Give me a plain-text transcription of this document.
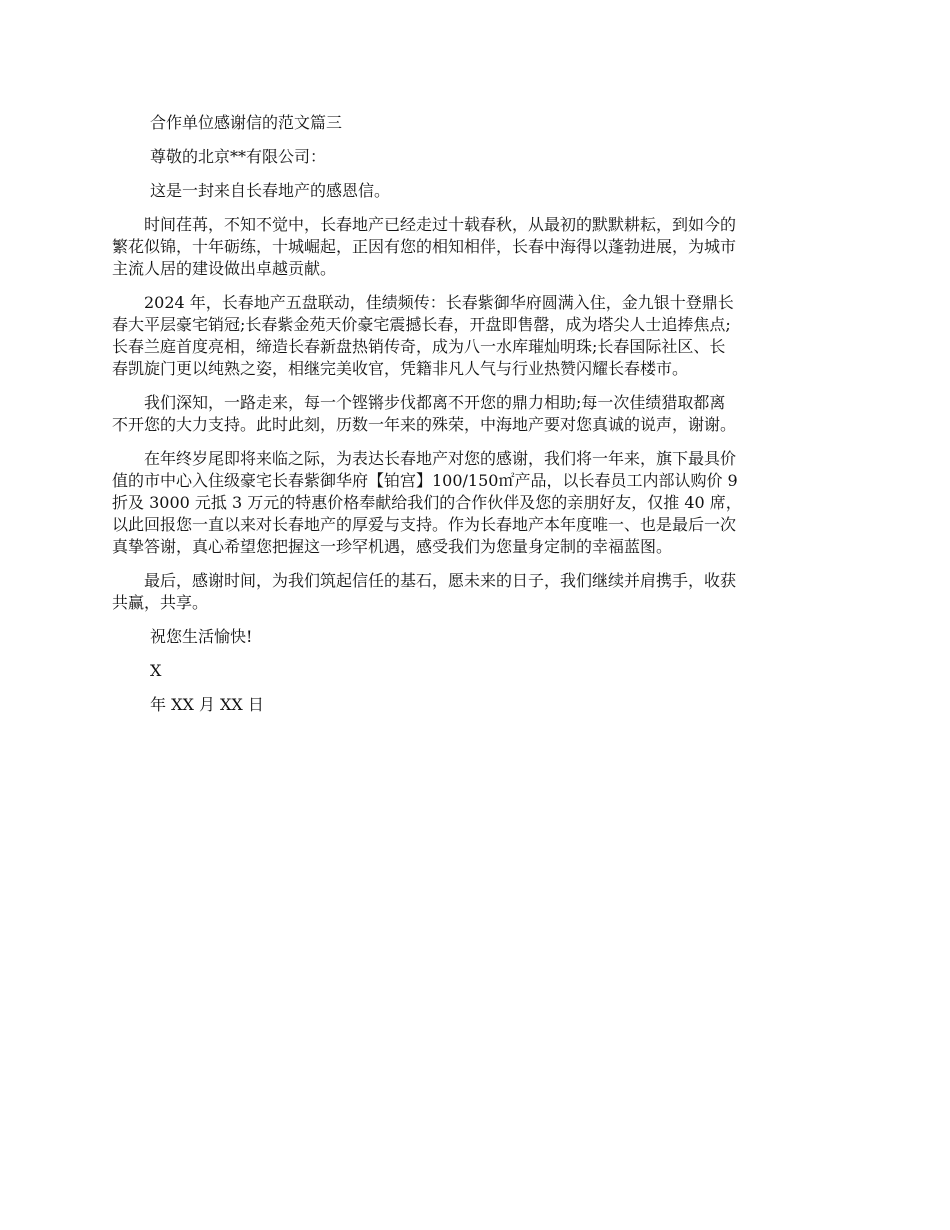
合作单位感谢信的范文篇三

尊敬的北京**有限公司：

这是一封来自长春地产的感恩信。

时间荏苒，不知不觉中，长春地产已经走过十载春秋，从最初的默默耕耘，到如今的
繁花似锦，十年砺练，十城崛起，正因有您的相知相伴，长春中海得以蓬勃进展，为城市
主流人居的建设做出卓越贡献。

2024 年，长春地产五盘联动，佳绩频传：长春紫御华府圆满入住，金九银十登鼎长
春大平层豪宅销冠;长春紫金苑天价豪宅震撼长春，开盘即售罄，成为塔尖人士追捧焦点;
长春兰庭首度亮相，缔造长春新盘热销传奇，成为八一水库璀灿明珠;长春国际社区、长
春凯旋门更以纯熟之姿，相继完美收官，凭籍非凡人气与行业热赞闪耀长春楼市。

我们深知，一路走来，每一个铿锵步伐都离不开您的鼎力相助;每一次佳绩猎取都离
不开您的大力支持。此时此刻，历数一年来的殊荣，中海地产要对您真诚的说声，谢谢。

在年终岁尾即将来临之际，为表达长春地产对您的感谢，我们将一年来，旗下最具价
值的市中心入住级豪宅长春紫御华府【铂宫】100/150㎡产品，以长春员工内部认购价 9
折及 3000 元抵 3 万元的特惠价格奉献给我们的合作伙伴及您的亲朋好友，仅推 40 席，
以此回报您一直以来对长春地产的厚爱与支持。作为长春地产本年度唯一、也是最后一次
真挚答谢，真心希望您把握这一珍罕机遇，感受我们为您量身定制的幸福蓝图。

最后，感谢时间，为我们筑起信任的基石，愿未来的日子，我们继续并肩携手，收获
共赢，共享。

祝您生活愉快!

X

年 XX 月 XX 日
